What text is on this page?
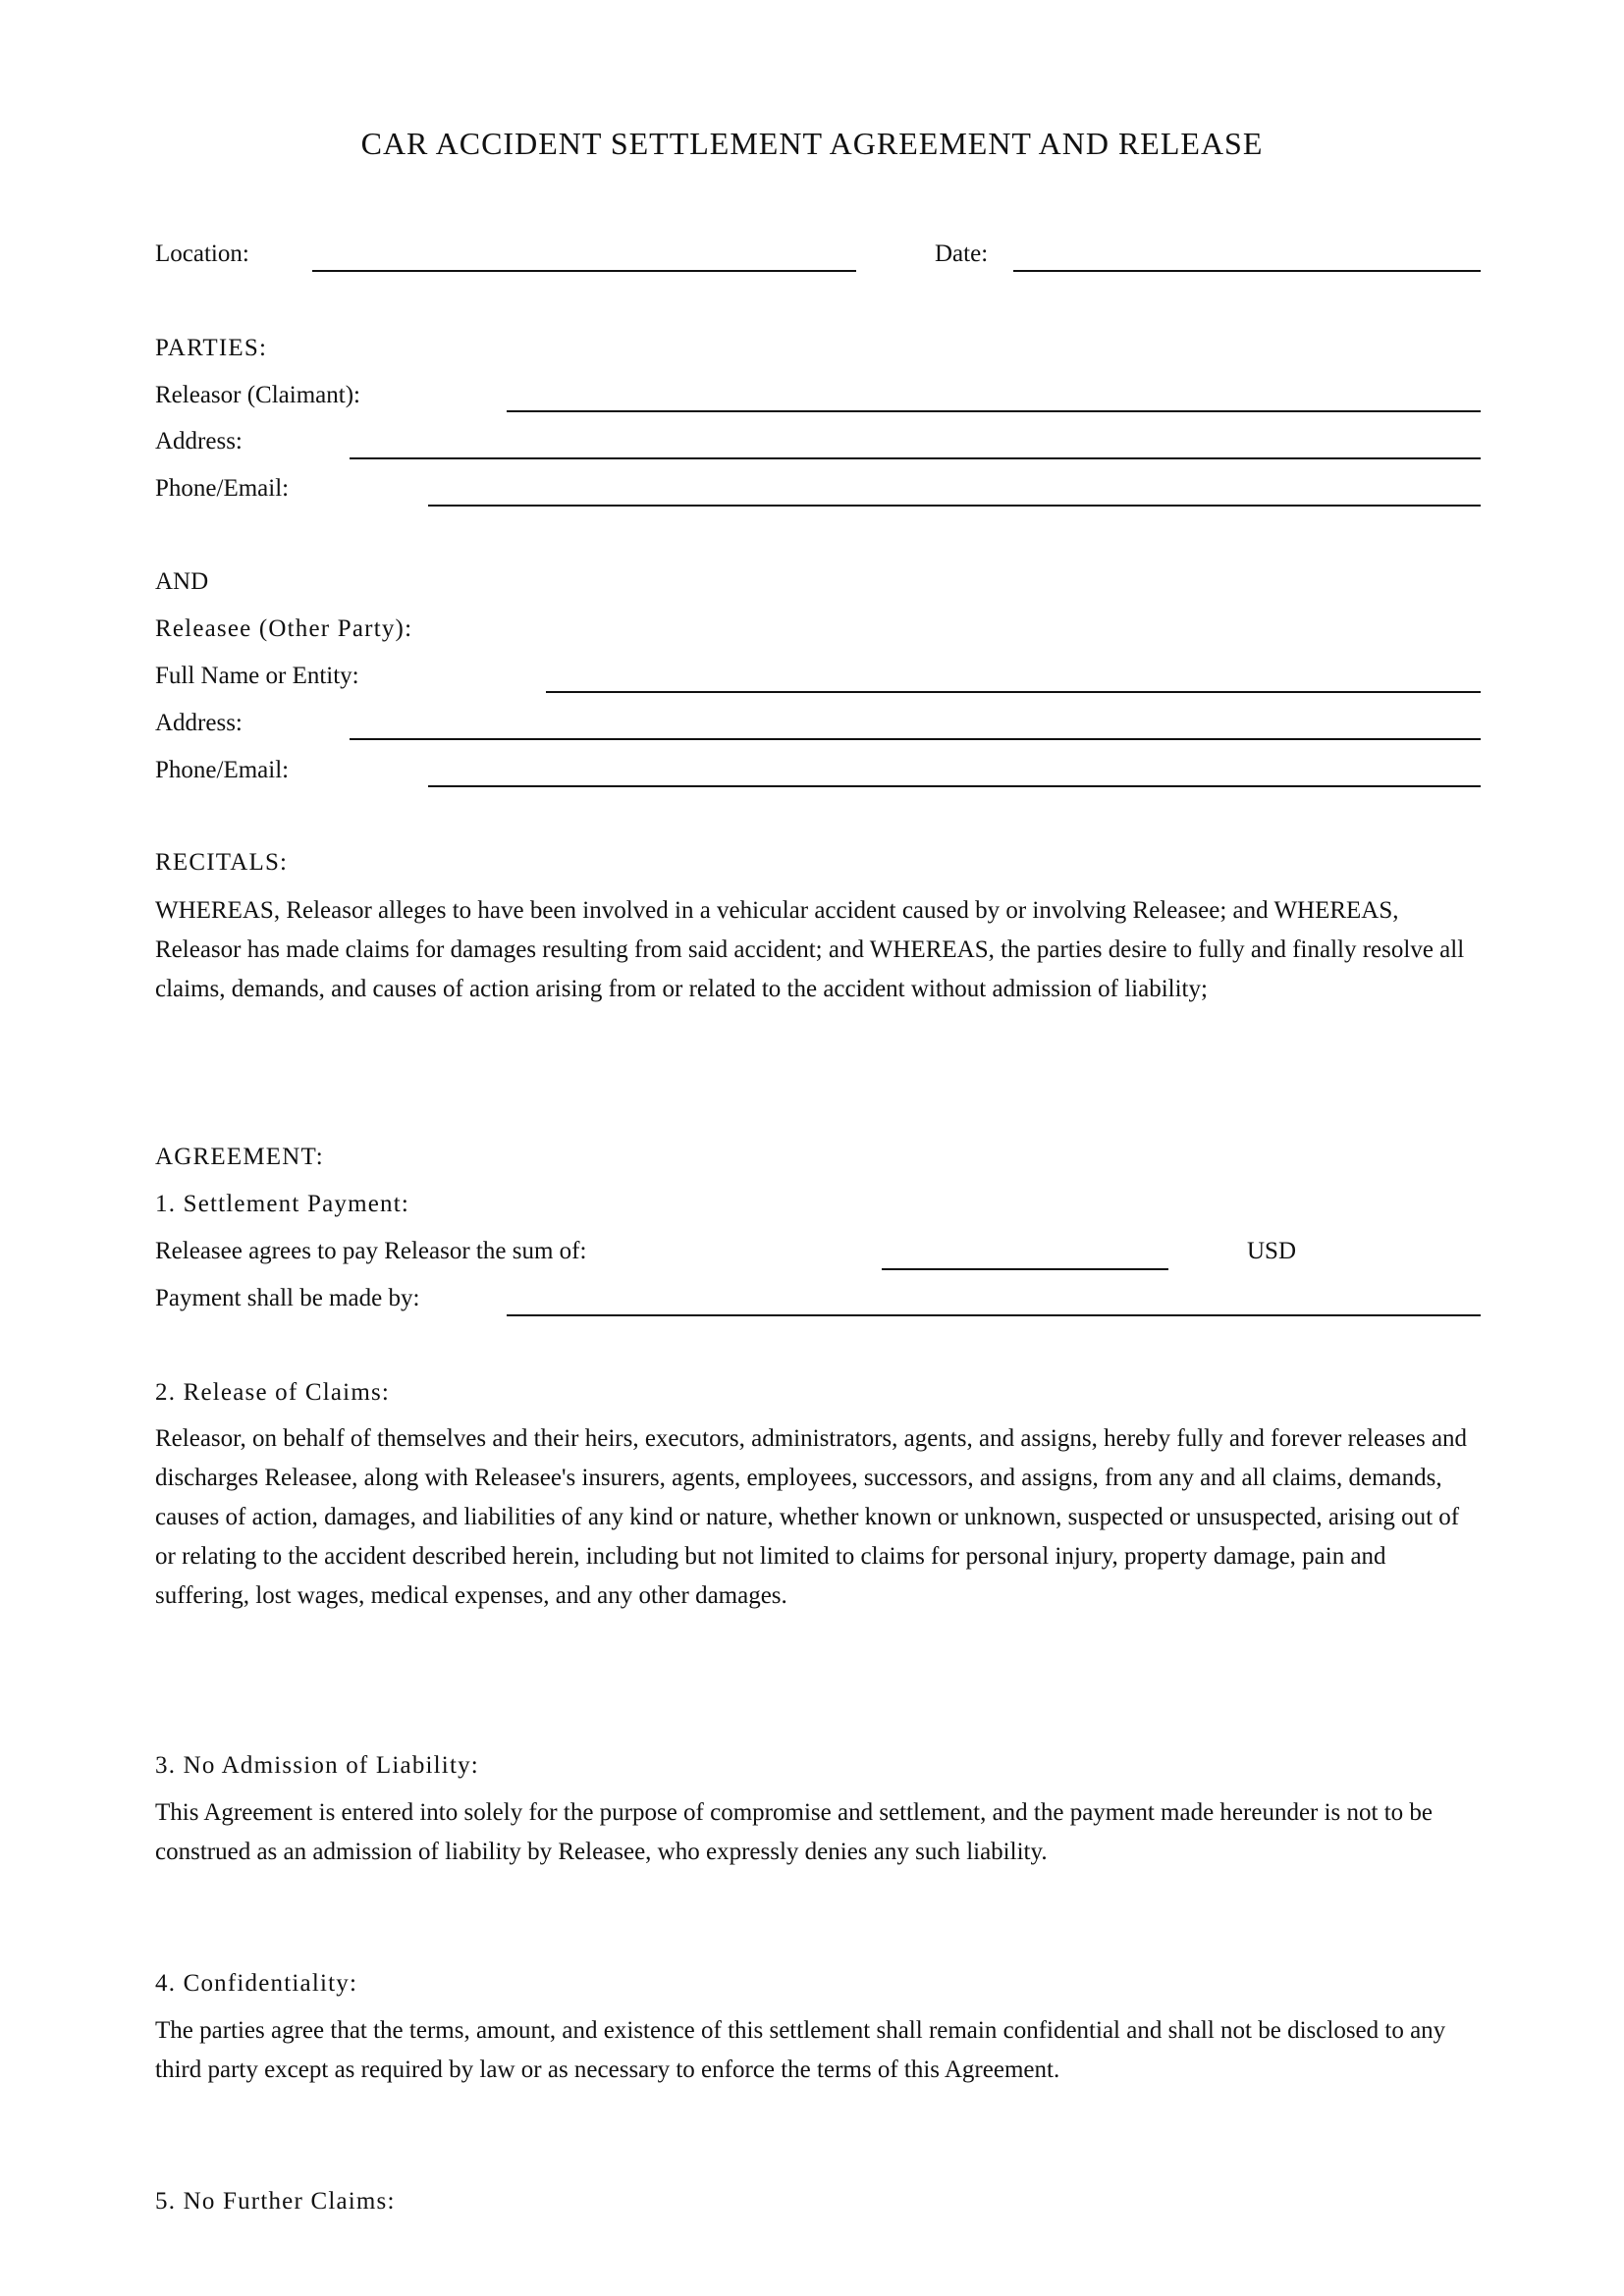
CAR ACCIDENT SETTLEMENT AGREEMENT AND RELEASE
Location:	Date:
PARTIES:
Releasor (Claimant):
Address:
Phone/Email:
AND
Releasee (Other Party):
Full Name or Entity:
Address:
Phone/Email:
RECITALS:
WHEREAS, Releasor alleges to have been involved in a vehicular accident caused by or involving Releasee; and WHEREAS, Releasor has made claims for damages resulting from said accident; and WHEREAS, the parties desire to fully and finally resolve all claims, demands, and causes of action arising from or related to the accident without admission of liability;
AGREEMENT:
1. Settlement Payment:
Releasee agrees to pay Releasor the sum of:	USD
Payment shall be made by:
2. Release of Claims:
Releasor, on behalf of themselves and their heirs, executors, administrators, agents, and assigns, hereby fully and forever releases and discharges Releasee, along with Releasee's insurers, agents, employees, successors, and assigns, from any and all claims, demands, causes of action, damages, and liabilities of any kind or nature, whether known or unknown, suspected or unsuspected, arising out of or relating to the accident described herein, including but not limited to claims for personal injury, property damage, pain and suffering, lost wages, medical expenses, and any other damages.
3. No Admission of Liability:
This Agreement is entered into solely for the purpose of compromise and settlement, and the payment made hereunder is not to be construed as an admission of liability by Releasee, who expressly denies any such liability.
4. Confidentiality:
The parties agree that the terms, amount, and existence of this settlement shall remain confidential and shall not be disclosed to any third party except as required by law or as necessary to enforce the terms of this Agreement.
5. No Further Claims:
